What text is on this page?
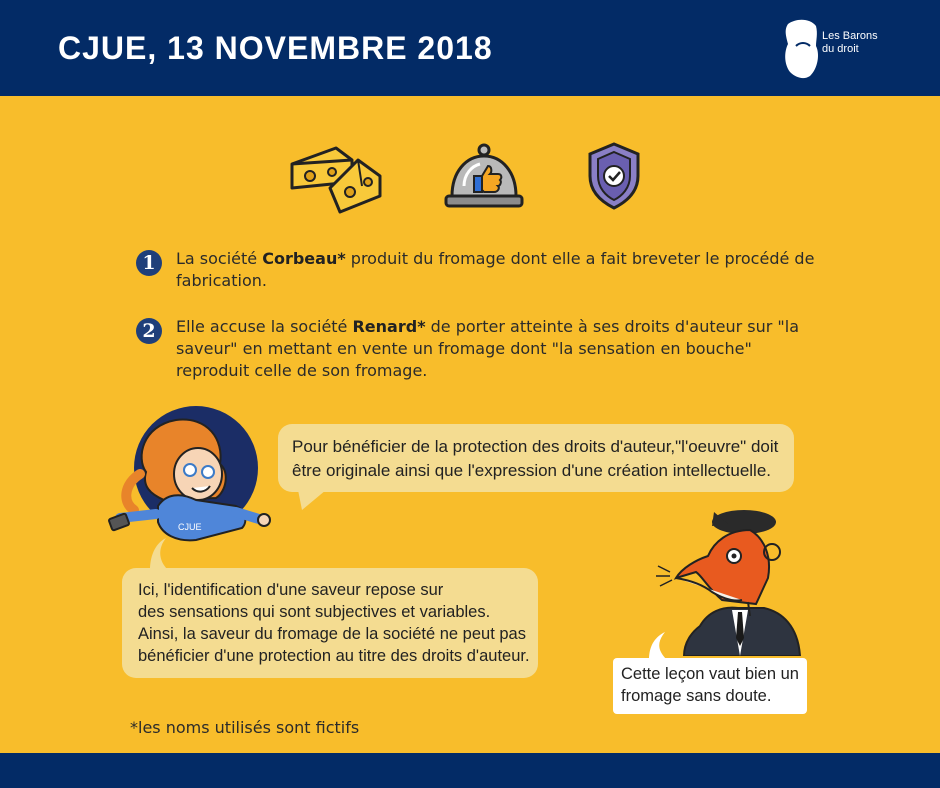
CJUE, 13 NOVEMBRE 2018	Les Barons
du droit
1	La société Corbeau* produit du fromage dont elle a fait breveter le procédé de fabrication.
2	Elle accuse la société Renard* de porter atteinte à ses droits d'auteur sur "la saveur" en mettant en vente un fromage dont "la sensation en bouche" reproduit celle de son fromage.
CJUE
Pour bénéficier de la protection des droits d'auteur,"l'oeuvre" doit être originale ainsi que l'expression d'une création intellectuelle.
Ici, l'identification d'une saveur repose sur
des sensations qui sont subjectives et variables.
Ainsi, la saveur du fromage de la société ne peut pas
bénéficier d'une protection au titre des droits d'auteur.
Cette leçon vaut bien un fromage sans doute.
*les noms utilisés sont fictifs
